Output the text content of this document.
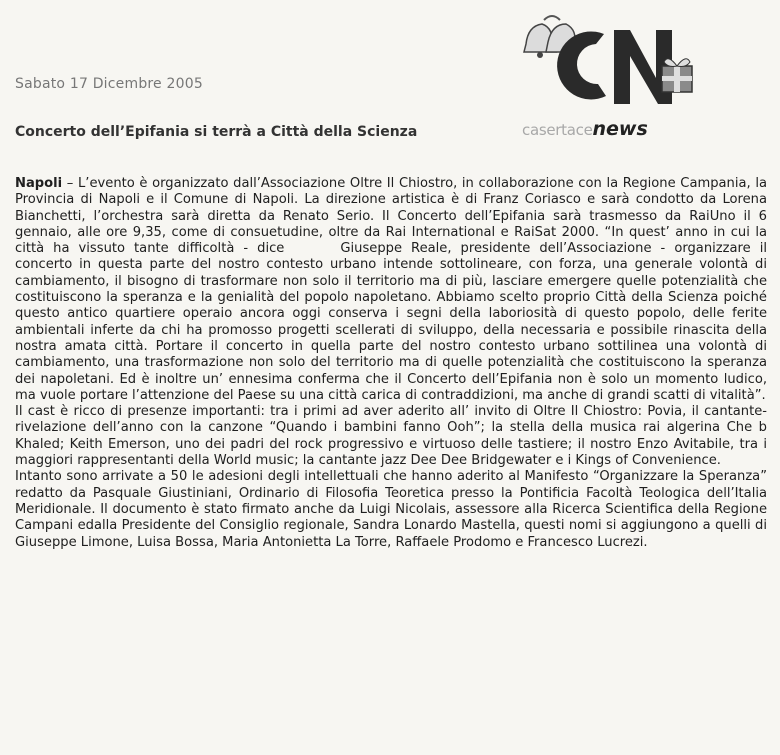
Sabato 17 Dicembre 2005
Concerto dell’Epifania si terrà a Città della Scienza	casertacenews

Napoli – L’evento è organizzato dall’Associazione Oltre Il Chiostro, in collaborazione con la Regione Campania, la Provincia di Napoli e il Comune di Napoli. La direzione artistica è di Franz Coriasco e sarà condotto da Lorena Bianchetti, l’orchestra sarà diretta da Renato Serio. Il Concerto dell’Epifania sarà trasmesso da RaiUno il 6 gennaio, alle ore 9,35, come di consuetudine, oltre da Rai International e RaiSat 2000. “In quest’ anno in cui la città ha vissuto tante difficoltà - dice	Giuseppe Reale, presidente dell’Associazione - organizzare il concerto in questa parte del nostro contesto urbano intende sottolineare, con forza, una generale volontà di cambiamento, il bisogno di trasformare non solo il territorio ma di più, lasciare emergere quelle potenzialità che costituiscono la speranza e la genialità del popolo napoletano. Abbiamo scelto proprio Città della Scienza poiché questo antico quartiere operaio ancora oggi conserva i segni della laboriosità di questo popolo, delle ferite ambientali inferte da chi ha promosso progetti scellerati di sviluppo, della necessaria e possibile rinascita della nostra amata città. Portare il concerto in quella parte del nostro contesto urbano sottilinea una volontà di cambiamento, una trasformazione non solo del territorio ma di quelle potenzialità che costituiscono la speranza dei napoletani. Ed è inoltre un’ ennesima conferma che il Concerto dell’Epifania non è solo un momento ludico, ma vuole portare l’attenzione del Paese su una città carica di contraddizioni, ma anche di grandi scatti di vitalità”.

Il cast è ricco di presenze importanti: tra i primi ad aver aderito all’ invito di Oltre Il Chiostro: Povia, il cantante-rivelazione dell’anno con la canzone “Quando i bambini fanno Ooh”; la stella della musica rai algerina Che b Khaled; Keith Emerson, uno dei padri del rock progressivo e virtuoso delle tastiere; il nostro Enzo Avitabile, tra i maggiori rappresentanti della World music; la cantante jazz Dee Dee Bridgewater e i Kings of Convenience.

Intanto sono arrivate a 50 le adesioni degli intellettuali che hanno aderito al Manifesto “Organizzare la Speranza” redatto da Pasquale Giustiniani, Ordinario di Filosofia Teoretica presso la Pontificia Facoltà Teologica dell’Italia Meridionale. Il documento è stato firmato anche da Luigi Nicolais, assessore alla Ricerca Scientifica della Regione Campani edalla Presidente del Consiglio regionale, Sandra Lonardo Mastella, questi nomi si aggiungono a quelli di Giuseppe Limone, Luisa Bossa, Maria Antonietta La Torre, Raffaele Prodomo e Francesco Lucrezi.
